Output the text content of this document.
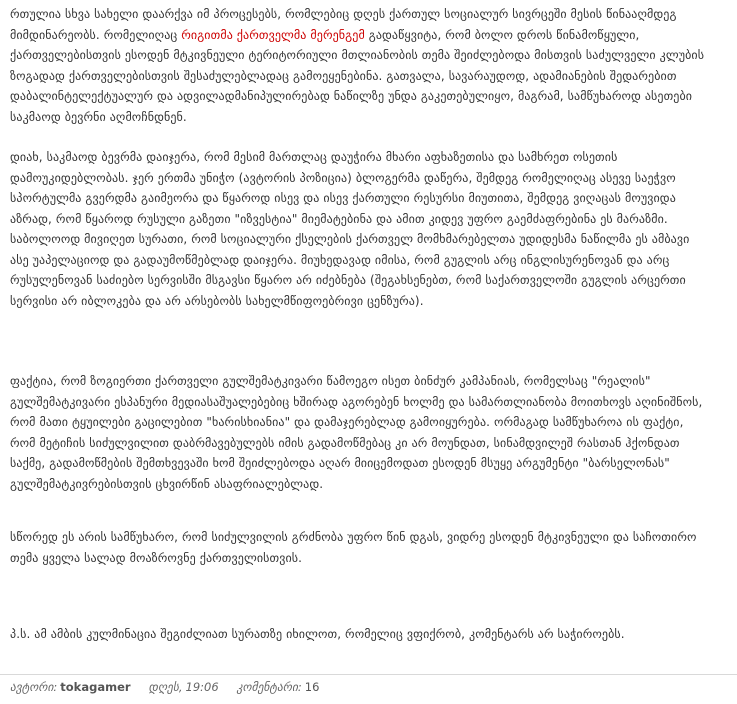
რთულია სხვა სახელი დაარქვა იმ პროცესებს, რომლებიც დღეს ქართულ სოციალურ სივრცეში მესის წინააღმდეგ მიმდინარეობს. რომელიღაც რიგითმა ქართველმა მერენგემ გადაწყვიტა, რომ ბოლო დროს წინამოწყული, ქართველებისთვის ესოდენ მტკივნეული ტერიტორიული მთლიანობის თემა შეიძლებოდა მისთვის საძულველი კლუბის ზოგადად ქართველებისთვის შესაძულებლადაც გამოეყენებინა. გათვალა, სავარაუდოდ, ადამიანების შედარებით დაბალინტელექტუალურ და ადვილადმანიპულირებად ნაწილზე უნდა გაკეთებულიყო, მაგრამ, სამწუხაროდ ასეთები საკმაოდ ბევრნი აღმოჩნდნენ.

დიახ, საკმაოდ ბევრმა დაიჯერა, რომ მესიმ მართლაც დაუჭირა მხარი აფხაზეთისა და სამხრეთ ოსეთის დამოუკიდებლობას. ჯერ ერთმა უნიჭო (ავტორის პოზიცია) ბლოგერმა დაწერა, შემდეგ რომელიღაც ასევე საეჭვო სპორტულმა გვერდმა გაიმეორა და წყაროდ ისევ და ისევ ქართული რესურსი მიუთითა, შემდეგ ვიღაცას მოუვიდა აზრად, რომ წყაროდ რუსული გაზეთი "იზვესტია" მიემატებინა და ამით კიდევ უფრო გაემძაფრებინა ეს მარაზმი. საბოლოოდ მივიღეთ სურათი, რომ სოციალური ქსელების ქართველ მომხმარებელთა უდიდესმა ნაწილმა ეს ამბავი ასე უაპელაციოდ და გადაუმოწმებლად დაიჯერა. მიუხედავად იმისა, რომ გუგლის არც ინგლისურენოვან და არც რუსულენოვან საძიებო სერვისში მსგავსი წყარო არ იძებნება (შეგახსენებთ, რომ საქართველოში გუგლის არცერთი სერვისი არ იბლოკება და არ არსებობს სახელმწიფოებრივი ცენზურა).

ფაქტია, რომ ზოგიერთი ქართველი გულშემატკივარი წამოეგო ისეთ ბინძურ კამპანიას, რომელსაც "რეალის" გულშემატკივარი ესპანური მედიასაშუალებებიც ხშირად აგორებენ ხოლმე და სამართლიანობა მოითხოვს აღინიშნოს, რომ მათი ტყუილები გაცილებით "ხარისხიანია" და დამაჯერებლად გამოიყურება. ორმაგად სამწუხაროა ის ფაქტი, რომ მეტიჩის სიძულვილით დაბრმავებულებს იმის გადამოწმებაც კი არ მოუნდათ, სინამდვილეშ რასთან ჰქონდათ საქმე, გადამოწმების შემთხვევაში ხომ შეიძლებოდა აღარ მიიცემოდათ ესოდენ მსუყე არგუმენტი "ბარსელონას" გულშემატკივრებისთვის ცხვირწინ ასაფრიალებლად.

სწორედ ეს არის სამწუხარო, რომ სიძულვილის გრძნობა უფრო წინ დგას, ვიდრე ესოდენ მტკივნეული და საჩოთირო თემა ყველა სალად მოაზროვნე ქართველისთვის.

პ.ს. ამ ამბის კულმინაცია შეგიძლიათ სურათზე იხილოთ, რომელიც ვფიქრობ, კომენტარს არ საჭიროებს.

ავტორი: tokagamer დღეს, 19:06 კომენტარი: 16
